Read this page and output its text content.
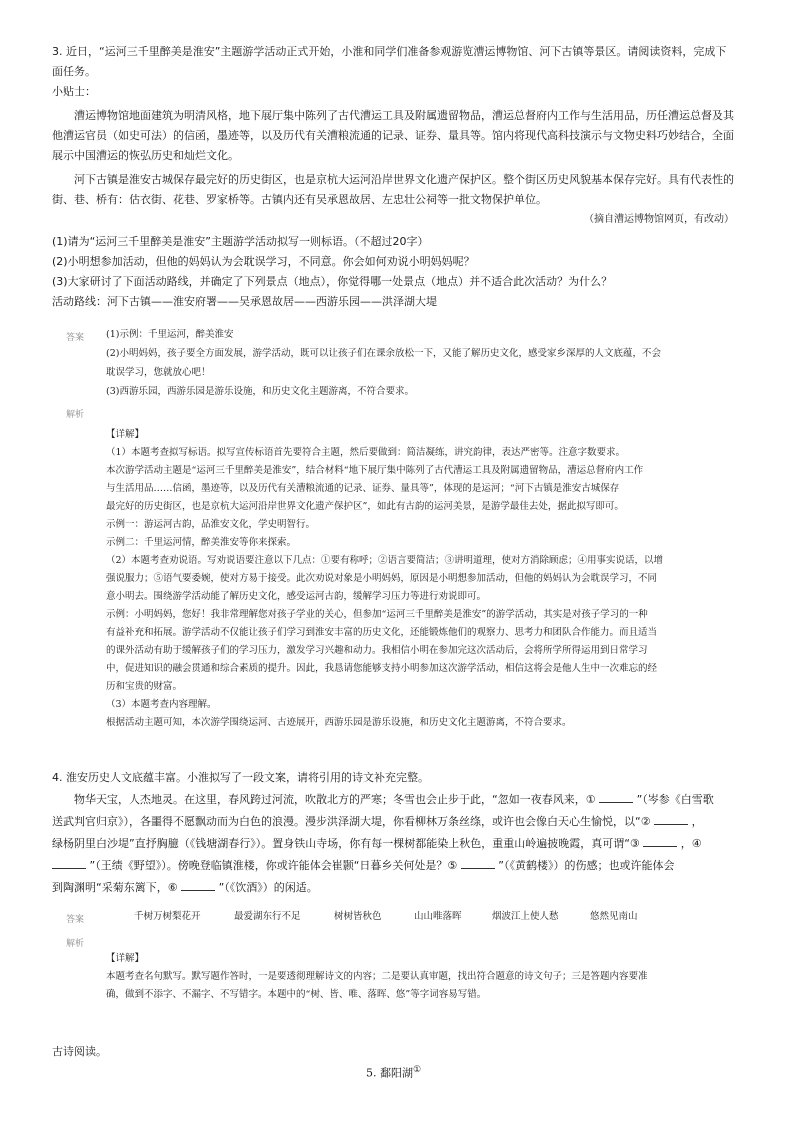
3. 近日，“运河三千里醉美是淮安”主题游学活动正式开始，小淮和同学们准备参观游览漕运博物馆、河下古镇等景区。请阅读资料，完成下
面任务。
小贴士：
　　漕运博物馆地面建筑为明清风格，地下展厅集中陈列了古代漕运工具及附属遗留物品，漕运总督府内工作与生活用品，历任漕运总督及其
他漕运官员（如史可法）的信函，墨迹等，以及历代有关漕粮流通的记录、证券、量具等。馆内将现代高科技演示与文物史料巧妙结合，全面
展示中国漕运的恢弘历史和灿烂文化。
　　河下古镇是淮安古城保存最完好的历史街区，也是京杭大运河沿岸世界文化遗产保护区。整个街区历史风貌基本保存完好。具有代表性的
街、巷、桥有：估衣街、花巷、罗家桥等。古镇内还有吴承恩故居、左忠壮公祠等一批文物保护单位。
（摘自漕运博物馆网页，有改动）
(1)请为“运河三千里醉美是淮安”主题游学活动拟写一则标语。（不超过20字）
(2)小明想参加活动，但他的妈妈认为会耽误学习，不同意。你会如何劝说小明妈妈呢？
(3)大家研讨了下面活动路线，并确定了下列景点（地点），你觉得哪一处景点（地点）并不适合此次活动？为什么？
活动路线：河下古镇——淮安府署——吴承恩故居——西游乐园——洪泽湖大堤
答案 (1)示例：千里运河，醉美淮安
(2)小明妈妈，孩子要全方面发展，游学活动，既可以让孩子们在课余放松一下，又能了解历史文化，感受家乡深厚的人文底蕴，不会
耽误学习，您就放心吧！
(3)西游乐园，西游乐园是游乐设施，和历史文化主题游离，不符合要求。
解析
【详解】
（1）本题考查拟写标语。拟写宣传标语首先要符合主题，然后要做到：简洁凝练，讲究韵律，表达严密等。注意字数要求。
本次游学活动主题是“运河三千里醉美是淮安”，结合材料“地下展厅集中陈列了古代漕运工具及附属遗留物品，漕运总督府内工作
与生活用品……信函，墨迹等，以及历代有关漕粮流通的记录、证券、量具等”，体现的是运河；“河下古镇是淮安古城保存
最完好的历史街区，也是京杭大运河沿岸世界文化遗产保护区”，如此有古韵的运河美景，是游学最佳去处，据此拟写即可。
示例一：游运河古韵，品淮安文化，学史明智行。
示例二：千里运河情，醉美淮安等你来探索。
（2）本题考查劝说语。写劝说语要注意以下几点：①要有称呼；②语言要简洁；③讲明道理，使对方消除顾虑；④用事实说话，以增
强说服力；⑤语气要委婉，使对方易于接受。此次劝说对象是小明妈妈，原因是小明想参加活动，但他的妈妈认为会耽误学习，不同
意小明去。围绕游学活动能了解历史文化，感受运河古韵，缓解学习压力等进行劝说即可。
示例：小明妈妈，您好！我非常理解您对孩子学业的关心，但参加“运河三千里醉美是淮安”的游学活动，其实是对孩子学习的一种
有益补充和拓展。游学活动不仅能让孩子们学习到淮安丰富的历史文化，还能锻炼他们的观察力、思考力和团队合作能力。而且适当
的课外活动有助于缓解孩子们的学习压力，激发学习兴趣和动力。我相信小明在参加完这次活动后，会将所学所得运用到日常学习
中，促进知识的融会贯通和综合素质的提升。因此，我恳请您能够支持小明参加这次游学活动，相信这将会是他人生中一次难忘的经
历和宝贵的财富。
（3）本题考查内容理解。
根据活动主题可知，本次游学围绕运河、古迹展开，西游乐园是游乐设施，和历史文化主题游离，不符合要求。
4. 淮安历史人文底蕴丰富。小淮拟写了一段文案，请将引用的诗文补充完整。
　　物华天宝，人杰地灵。在这里，春风跨过河流，吹散北方的严寒；冬雪也会止步于此，“忽如一夜春风来，①	”（岑参《白雪歌
送武判官归京》），各噩得不愿飘动而为白色的浪漫。漫步洪泽湖大堤，你看柳林万条丝绦，或许也会像白天心生愉悦，以“②	，
绿杨阴里白沙堤”直抒胸臆（《钱塘湖春行》）。置身铁山寺场，你有每一棵树都能染上秋色，重重山岭遍披晚霞，真可谓“③	，④
”（王绩《野望》）。傍晚登临镇淮楼，你或许能体会崔颢“日暮乡关何处是？⑤	”（《黄鹤楼》）的伤感；也或许能体会
到陶渊明“采菊东篱下，⑥	”（《饮酒》）的闲适。
答案	千树万树梨花开	最爱湖东行不足	树树皆秋色	山山唯落晖	烟波江上使人愁	悠然见南山
解析
【详解】
本题考查名句默写。默写题作答时，一是要透彻理解诗文的内容；二是要认真审题，找出符合题意的诗文句子；三是答题内容要准
确，做到不添字、不漏字、不写错字。本题中的“树、皆、唯、落晖、悠”等字词容易写错。
古诗阅读。
5. 鄱阳湖①
